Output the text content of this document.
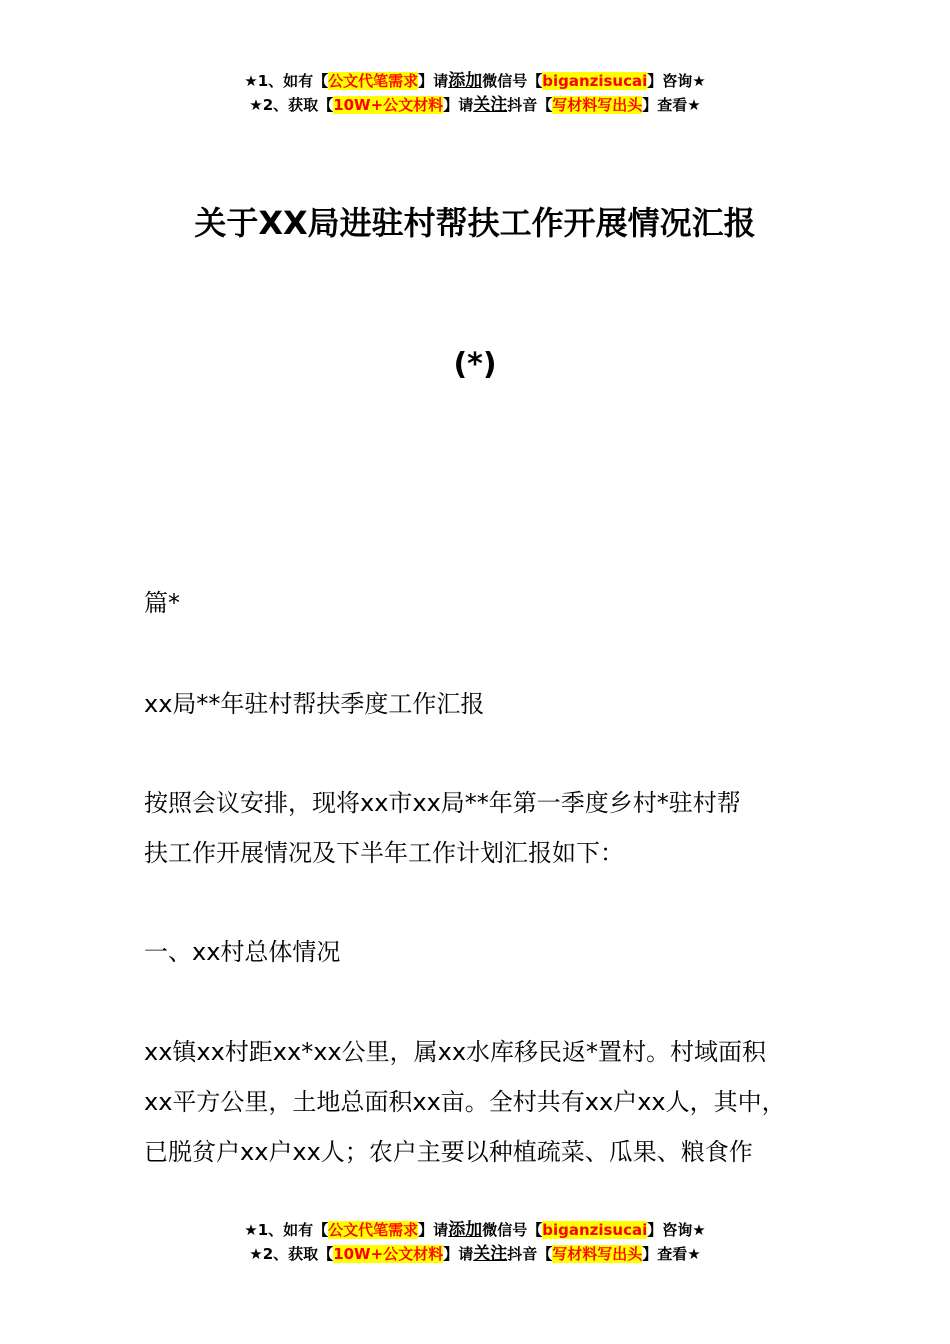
★1、如有【公文代笔需求】请添加微信号【biganzisucai】咨询★
★2、获取【10W+公文材料】请关注抖音【写材料写出头】查看★
关于XX局进驻村帮扶工作开展情况汇报
(*)
篇*
xx局**年驻村帮扶季度工作汇报
按照会议安排，现将xx市xx局**年第一季度乡村*驻村帮
扶工作开展情况及下半年工作计划汇报如下：
一、xx村总体情况
xx镇xx村距xx*xx公里，属xx水库移民返*置村。村域面积
xx平方公里，土地总面积xx亩。全村共有xx户xx人，其中，
已脱贫户xx户xx人；农户主要以种植疏菜、瓜果、粮食作
★1、如有【公文代笔需求】请添加微信号【biganzisucai】咨询★
★2、获取【10W+公文材料】请关注抖音【写材料写出头】查看★
